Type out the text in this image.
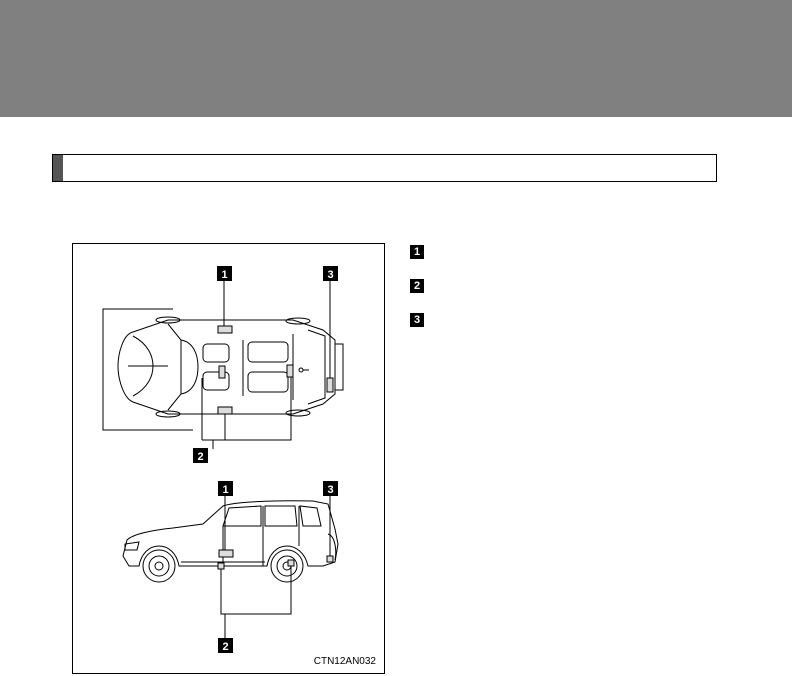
1	3
2
1	3
2
CTN12AN032
1
2
3
